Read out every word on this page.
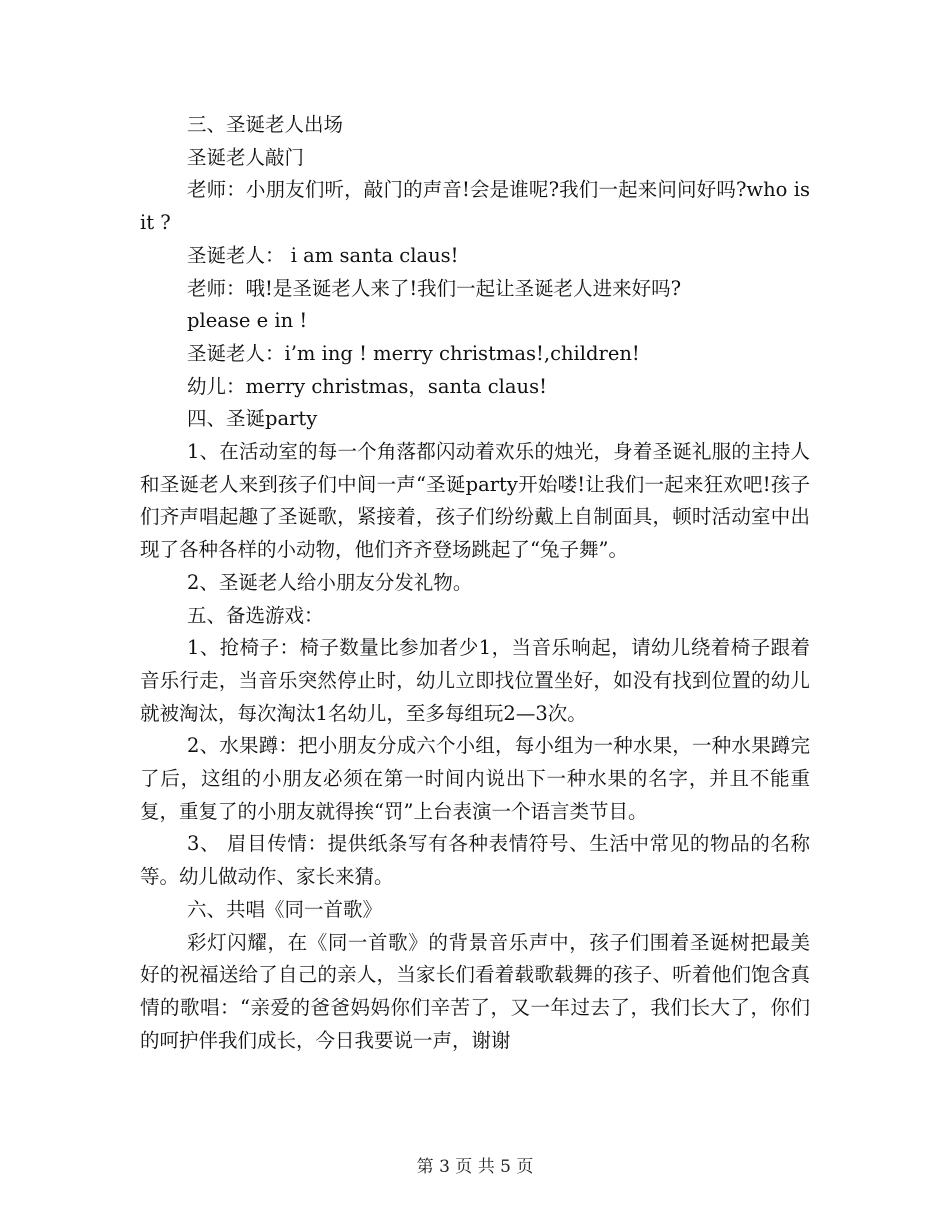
三、圣诞老人出场

圣诞老人敲门

老师：小朋友们听，敲门的声音!会是谁呢?我们一起来问问好吗?who is it ?

圣诞老人： i am santa claus!

老师：哦!是圣诞老人来了!我们一起让圣诞老人进来好吗?

please e in !

圣诞老人：i’m ing ! merry christmas!,children!

幼儿：merry christmas，santa claus!

四、圣诞party

1、在活动室的每一个角落都闪动着欢乐的烛光，身着圣诞礼服的主持人和圣诞老人来到孩子们中间一声“圣诞party开始喽!让我们一起来狂欢吧!孩子们齐声唱起趣了圣诞歌，紧接着，孩子们纷纷戴上自制面具，顿时活动室中出现了各种各样的小动物，他们齐齐登场跳起了“兔子舞”。

2、圣诞老人给小朋友分发礼物。

五、备选游戏：

1、抢椅子：椅子数量比参加者少1，当音乐响起，请幼儿绕着椅子跟着音乐行走，当音乐突然停止时，幼儿立即找位置坐好，如没有找到位置的幼儿就被淘汰，每次淘汰1名幼儿，至多每组玩2—3次。

2、水果蹲：把小朋友分成六个小组，每小组为一种水果，一种水果蹲完了后，这组的小朋友必须在第一时间内说出下一种水果的名字，并且不能重复，重复了的小朋友就得挨“罚”上台表演一个语言类节目。

3、 眉目传情：提供纸条写有各种表情符号、生活中常见的物品的名称等。幼儿做动作、家长来猜。

六、共唱《同一首歌》

彩灯闪耀，在《同一首歌》的背景音乐声中，孩子们围着圣诞树把最美好的祝福送给了自己的亲人，当家长们看着载歌载舞的孩子、听着他们饱含真情的歌唱：“亲爱的爸爸妈妈你们辛苦了，又一年过去了，我们长大了，你们的呵护伴我们成长，今日我要说一声，谢谢

第 3 页 共 5 页
